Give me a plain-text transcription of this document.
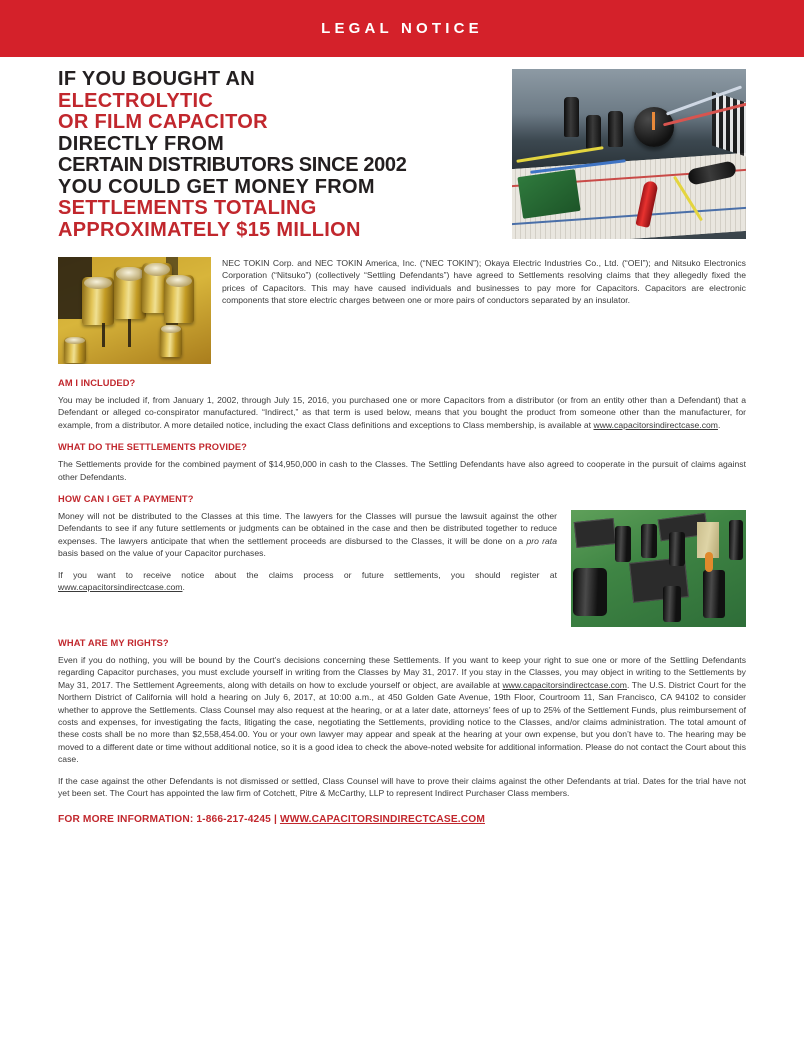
LEGAL NOTICE
IF YOU BOUGHT AN
ELECTROLYTIC
OR FILM CAPACITOR
DIRECTLY FROM
CERTAIN DISTRIBUTORS SINCE 2002
YOU COULD GET MONEY FROM
SETTLEMENTS TOTALING
APPROXIMATELY $15 MILLION

NEC TOKIN Corp. and NEC TOKIN America, Inc. (“NEC TOKIN”); Okaya Electric Industries Co., Ltd. (“OEI”); and Nitsuko Electronics Corporation (“Nitsuko”) (collectively “Settling Defendants”) have agreed to Settlements resolving claims that they allegedly fixed the prices of Capacitors. This may have caused individuals and businesses to pay more for Capacitors. Capacitors are electronic components that store electric charges between one or more pairs of conductors separated by an insulator.

AM I INCLUDED?

You may be included if, from January 1, 2002, through July 15, 2016, you purchased one or more Capacitors from a distributor (or from an entity other than a Defendant) that a Defendant or alleged co-conspirator manufactured. “Indirect,” as that term is used below, means that you bought the product from someone other than the manufacturer, for example, from a distributor. A more detailed notice, including the exact Class definitions and exceptions to Class membership, is available at www.capacitorsindirectcase.com.

WHAT DO THE SETTLEMENTS PROVIDE?

The Settlements provide for the combined payment of $14,950,000 in cash to the Classes. The Settling Defendants have also agreed to cooperate in the pursuit of claims against other Defendants.

HOW CAN I GET A PAYMENT?

Money will not be distributed to the Classes at this time. The lawyers for the Classes will pursue the lawsuit against the other Defendants to see if any future settlements or judgments can be obtained in the case and then be distributed together to reduce expenses. The lawyers anticipate that when the settlement proceeds are disbursed to the Classes, it will be done on a pro rata basis based on the value of your Capacitor purchases.

If you want to receive notice about the claims process or future settlements, you should register at www.capacitorsindirectcase.com.

WHAT ARE MY RIGHTS?

Even if you do nothing, you will be bound by the Court’s decisions concerning these Settlements. If you want to keep your right to sue one or more of the Settling Defendants regarding Capacitor purchases, you must exclude yourself in writing from the Classes by May 31, 2017. If you stay in the Classes, you may object in writing to the Settlements by May 31, 2017. The Settlement Agreements, along with details on how to exclude yourself or object, are available at www.capacitorsindirectcase.com. The U.S. District Court for the Northern District of California will hold a hearing on July 6, 2017, at 10:00 a.m., at 450 Golden Gate Avenue, 19th Floor, Courtroom 11, San Francisco, CA 94102 to consider whether to approve the Settlements. Class Counsel may also request at the hearing, or at a later date, attorneys’ fees of up to 25% of the Settlement Funds, plus reimbursement of costs and expenses, for investigating the facts, litigating the case, negotiating the Settlements, providing notice to the Classes, and/or claims administration. The total amount of these costs shall be no more than $2,558,454.00. You or your own lawyer may appear and speak at the hearing at your own expense, but you don’t have to. The hearing may be moved to a different date or time without additional notice, so it is a good idea to check the above-noted website for additional information. Please do not contact the Court about this case.

If the case against the other Defendants is not dismissed or settled, Class Counsel will have to prove their claims against the other Defendants at trial. Dates for the trial have not yet been set. The Court has appointed the law firm of Cotchett, Pitre & McCarthy, LLP to represent Indirect Purchaser Class members.

FOR MORE INFORMATION: 1-866-217-4245 | WWW.CAPACITORSINDIRECTCASE.COM
